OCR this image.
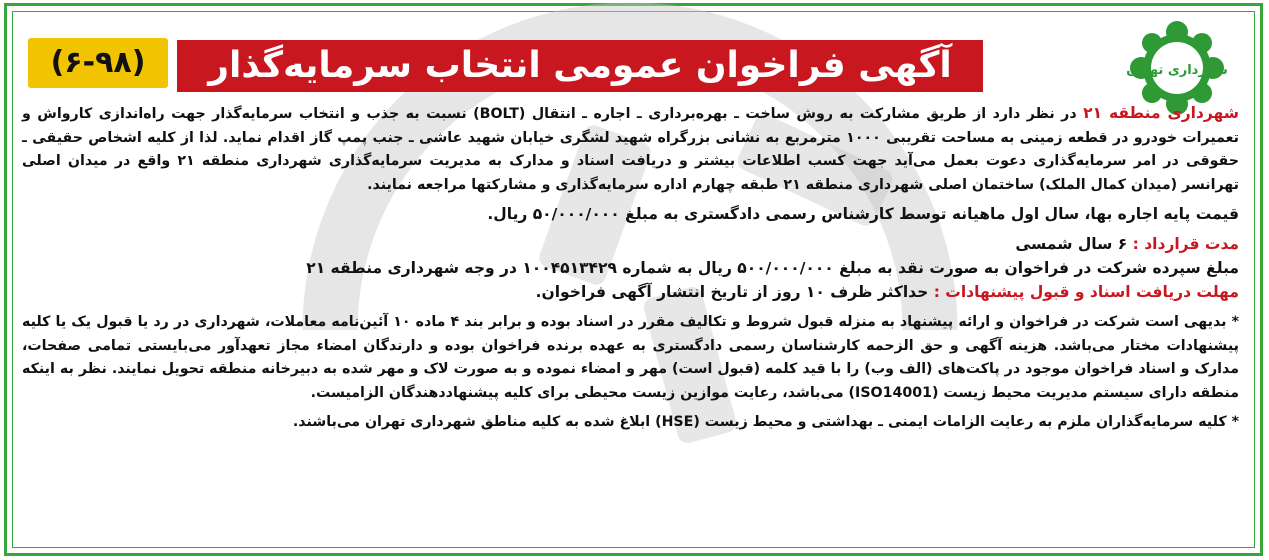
شهرداری تهران
آگهی فراخوان عمومی انتخاب سرمایه‌گذار
(۶-۹۸)

شهرداری منطقه ۲۱ در نظر دارد از طریق مشارکت به روش ساخت ـ بهره‌برداری ـ اجاره ـ انتقال (BOLT) نسبت به جذب و انتخاب سرمایه‌گذار جهت راه‌اندازی کارواش و تعمیرات خودرو در قطعه زمینی به مساحت تقریبی ۱۰۰۰ مترمربع به نشانی بزرگراه شهید لشگری خیابان شهید عاشی ـ جنب پمپ گاز اقدام نماید. لذا از کلیه اشخاص حقیقی ـ حقوقی در امر سرمایه‌گذاری دعوت بعمل می‌آید جهت کسب اطلاعات بیشتر و دریافت اسناد و مدارک به مدیریت سرمایه‌گذاری شهرداری منطقه ۲۱ واقع در میدان اصلی تهرانسر (میدان کمال الملک) ساختمان اصلی شهرداری منطقه ۲۱ طبقه چهارم اداره سرمایه‌گذاری و مشارکتها مراجعه نمایند.

قیمت پایه اجاره بها، سال اول ماهیانه توسط کارشناس رسمی دادگستری به مبلغ ۵۰/۰۰۰/۰۰۰ ریال.

مدت قرارداد : ۶ سال شمسی

مبلغ سپرده شرکت در فراخوان به صورت نقد به مبلغ ۵۰۰/۰۰۰/۰۰۰ ریال به شماره ۱۰۰۴۵۱۳۴۲۹ در وجه شهرداری منطقه ۲۱

مهلت دریافت اسناد و قبول پیشنهادات : حداکثر ظرف ۱۰ روز از تاریخ انتشار آگهی فراخوان.

* بدیهی است شرکت در فراخوان و ارائه پیشنهاد به منزله قبول شروط و تکالیف مقرر در اسناد بوده و برابر بند ۴ ماده ۱۰ آئین‌نامه معاملات، شهرداری در رد یا قبول یک یا کلیه پیشنهادات مختار می‌باشد. هزینه آگهی و حق الزحمه کارشناسان رسمی دادگستری به عهده برنده فراخوان بوده و دارندگان امضاء مجاز تعهدآور می‌بایستی تمامی صفحات، مدارک و اسناد فراخوان موجود در پاکت‌های (الف وب) را با قید کلمه (قبول است) مهر و امضاء نموده و به صورت لاک و مهر شده به دبیرخانه منطقه تحویل نمایند. نظر به اینکه منطقه دارای سیستم مدیریت محیط زیست (ISO14001) می‌باشد، رعایت موازین زیست محیطی برای کلیه پیشنهاددهندگان الزامیست.

* کلیه سرمایه‌گذاران ملزم به رعایت الزامات ایمنی ـ بهداشتی و محیط زیست (HSE) ابلاغ شده به کلیه مناطق شهرداری تهران می‌باشند.
